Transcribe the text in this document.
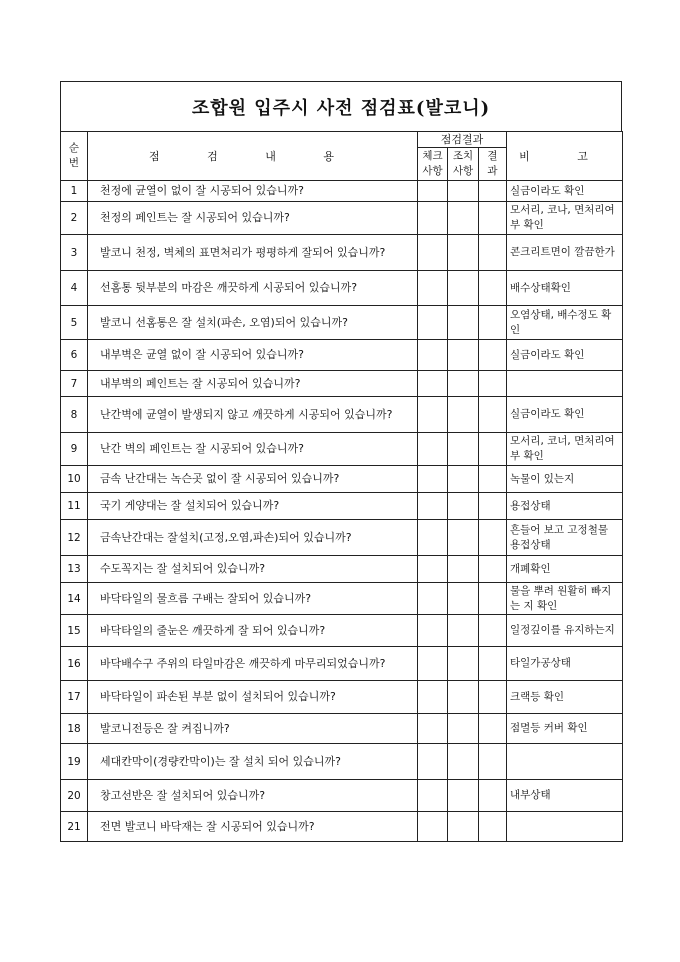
조합원 입주시 사전 점검표(발코니)
순번	점 검 내 용	점검결과			비 고
		체크사항	조치사항	결과	
1	천정에 균열이 없이 잘 시공되어 있습니까?				실금이라도 확인
2	천정의 페인트는 잘 시공되어 있습니까?				모서리, 코나, 면처리여부 확인
3	발코니 천정, 벽체의 표면처리가 평평하게 잘되어 있습니까?				콘크리트면이 깔끔한가
4	선홈통 뒷부분의 마감은 깨끗하게 시공되어 있습니까?				배수상태확인
5	발코니 선홈통은 잘 설치(파손, 오염)되어 있습니까?				오염상태, 배수정도 확인
6	내부벽은 균열 없이 잘 시공되어 있습니까?				실금이라도 확인
7	내부벽의 페인트는 잘 시공되어 있습니까?				
8	난간벽에 균열이 발생되지 않고 깨끗하게 시공되어 있습니까?				실금이라도 확인
9	난간 벽의 페인트는 잘 시공되어 있습니까?				모서리, 코너, 면처리여부 확인
10	금속 난간대는 녹슨곳 없이 잘 시공되어 있습니까?				녹물이 있는지
11	국기 게양대는 잘 설치되어 있습니까?				용접상태
12	금속난간대는 잘설치(고정,오염,파손)되어 있습니까?				흔들어 보고 고정철물 용접상태
13	수도꼭지는 잘 설치되어 있습니까?				개폐확인
14	바닥타일의 물흐름 구배는 잘되어 있습니까?				물을 뿌려 원활히 빠지는 지 확인
15	바닥타일의 줄눈은 깨끗하게 잘 되어 있습니까?				일정깊이를 유지하는지
16	바닥배수구 주위의 타일마감은 깨끗하게 마무리되었습니까?				타일가공상태
17	바닥타일이 파손된 부분 없이 설치되어 있습니까?				크랙등 확인
18	발코니전등은 잘 켜집니까?				점멸등 커버 확인
19	세대칸막이(경량칸막이)는 잘 설치 되어 있습니까?				
20	창고선반은 잘 설치되어 있습니까?				내부상태
21	전면 발코니 바닥재는 잘 시공되어 있습니까?				
